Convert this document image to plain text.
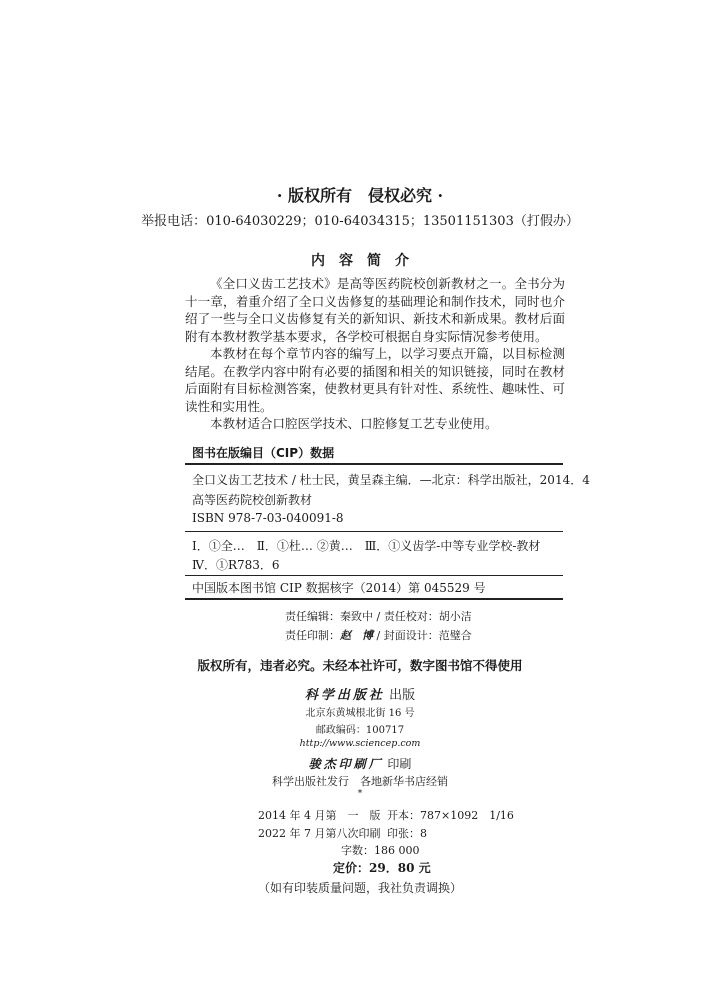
· 版权所有　侵权必究 ·
举报电话：010-64030229；010-64034315；13501151303（打假办）
内　容　简　介

《全口义齿工艺技术》是高等医药院校创新教材之一。全书分为十一章，着重介绍了全口义齿修复的基础理论和制作技术，同时也介绍了一些与全口义齿修复有关的新知识、新技术和新成果。教材后面附有本教材教学基本要求，各学校可根据自身实际情况参考使用。

本教材在每个章节内容的编写上，以学习要点开篇，以目标检测结尾。在教学内容中附有必要的插图和相关的知识链接，同时在教材后面附有目标检测答案，使教材更具有针对性、系统性、趣味性、可读性和实用性。

本教材适合口腔医学技术、口腔修复工艺专业使用。

图书在版编目（CIP）数据
全口义齿工艺技术 / 杜士民，黄呈森主编．—北京：科学出版社，2014．4
高等医药院校创新教材
ISBN 978-7-03-040091-8
Ⅰ．①全…　Ⅱ．①杜… ②黄…　Ⅲ．①义齿学-中等专业学校-教材
Ⅳ．①R783．6
中国版本图书馆 CIP 数据核字（2014）第 045529 号
责任编辑：秦致中 / 责任校对：胡小洁
责任印制：赵　博 / 封面设计：范璧合
版权所有，违者必究。未经本社许可，数字图书馆不得使用
科学出版社 出版
北京东黄城根北街 16 号
邮政编码：100717
http://www.sciencep.com
骏杰印刷厂 印刷
科学出版社发行　各地新华书店经销
*
2014 年 4 月第　一　版 开本：787×1092　1/16
2022 年 7 月第八次印刷 印张：8
字数：186 000
定价：29．80 元
（如有印装质量问题，我社负责调换）
